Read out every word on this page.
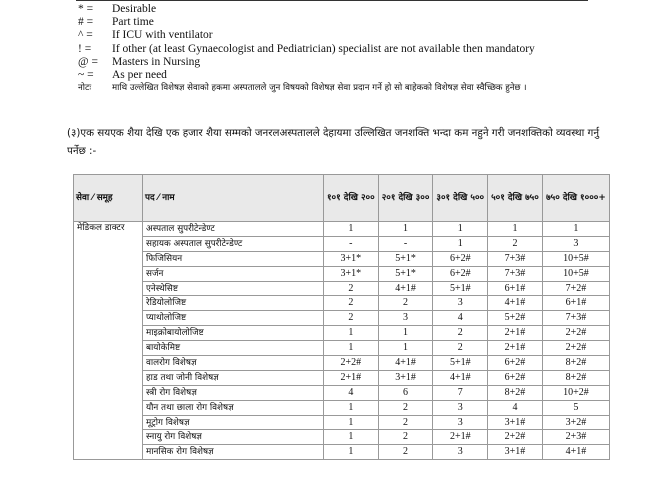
* =	Desirable
# =	Part time
^ =	If ICU with ventilator
! =	If other (at least Gynaecologist and Pediatrician) specialist are not available then mandatory
@ =	Masters in Nursing
~ =	As per need
नोटः	माथि उल्लेखित विशेषज्ञ सेवाको हकमा अस्पतालले जुन विषयको विशेषज्ञ सेवा प्रदान गर्ने हो सो बाहेकको विशेषज्ञ सेवा स्वैच्छिक हुनेछ ।
(३)एक सयएक शैया देखि एक हजार शैया सम्मको जनरलअस्पतालले देहायमा उल्लिखित जनशक्ति भन्दा कम नहुने गरी जनशक्तिको व्यवस्था गर्नु पर्नेछ :-
सेवा ⁄ समूह	पद ⁄ नाम	१०१ देखि २००	२०१ देखि ३००	३०१ देखि ५००	५०१ देखि ७५०	७५० देखि १०००+
मेडिकल डाक्टर	अस्पताल सुपरीटेन्डेण्ट	1	1	1	1	1
	सहायक अस्पताल सुपरीटेन्डेण्ट	-	-	1	2	3
	फिजिसियन	3+1*	5+1*	6+2#	7+3#	10+5#
	सर्जन	3+1*	5+1*	6+2#	7+3#	10+5#
	एनेस्थेसिष्ट	2	4+1#	5+1#	6+1#	7+2#
	रेडियोलोजिष्ट	2	2	3	4+1#	6+1#
	प्याथोलोजिष्ट	2	3	4	5+2#	7+3#
	माइक्रोबायोलोजिष्ट	1	1	2	2+1#	2+2#
	बायोकेमिष्ट	1	1	2	2+1#	2+2#
	वालरोग विशेषज्ञ	2+2#	4+1#	5+1#	6+2#	8+2#
	हाड तथा जोनी विशेषज्ञ	2+1#	3+1#	4+1#	6+2#	8+2#
	स्त्री रोग विशेषज्ञ	4	6	7	8+2#	10+2#
	यौन तथा छाला रोग विशेषज्ञ	1	2	3	4	5
	मूट्रोग विशेषज्ञ	1	2	3	3+1#	3+2#
	स्नायु रोग विशेषज्ञ	1	2	2+1#	2+2#	2+3#
	मानसिक रोग विशेषज्ञ	1	2	3	3+1#	4+1#
